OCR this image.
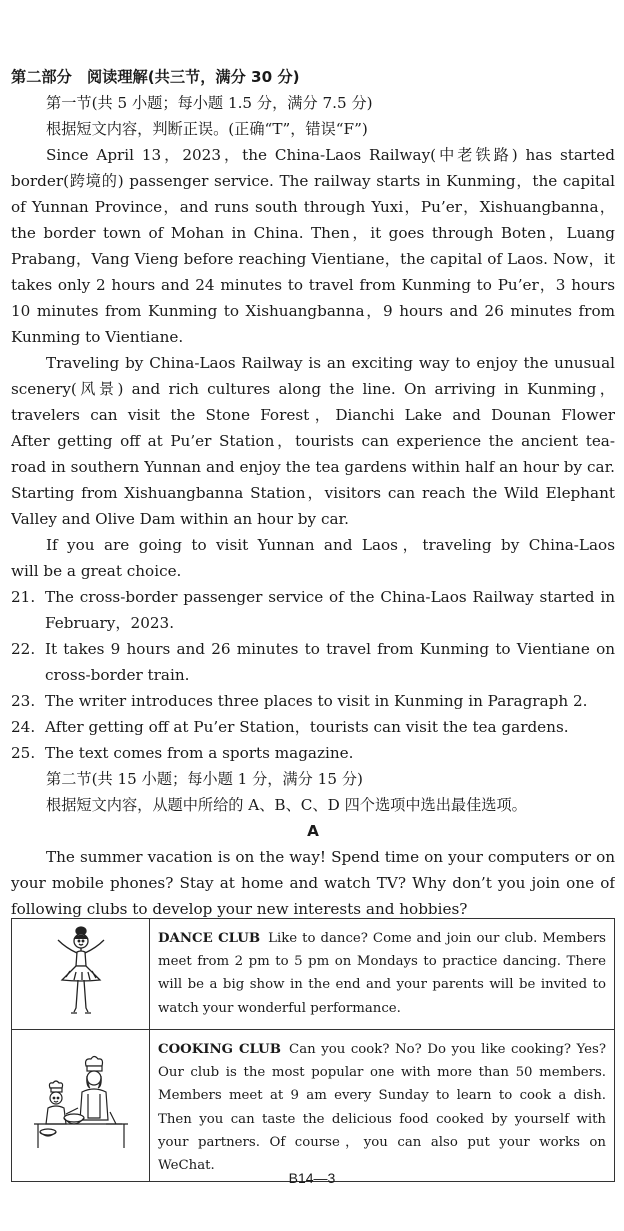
第二部分　阅读理解(共三节，满分 30 分)
第一节(共 5 小题；每小题 1.5 分，满分 7.5 分)
根据短文内容，判断正误。(正确“T”，错误“F”)
Since April 13，2023，the China-Laos Railway(中老铁路) has started
border(跨境的) passenger service. The railway starts in Kunming，the capital
of Yunnan Province，and runs south through Yuxi，Pu’er，Xishuangbanna，
the border town of Mohan in China. Then，it goes through Boten，Luang
Prabang，Vang Vieng before reaching Vientiane，the capital of Laos. Now，it
takes only 2 hours and 24 minutes to travel from Kunming to Pu’er，3 hours
10 minutes from Kunming to Xishuangbanna，9 hours and 26 minutes from
Kunming to Vientiane.
Traveling by China-Laos Railway is an exciting way to enjoy the unusual
scenery(风景) and rich cultures along the line. On arriving in Kunming，
travelers can visit the Stone Forest，Dianchi Lake and Dounan Flower
After getting off at Pu’er Station，tourists can experience the ancient tea-
road in southern Yunnan and enjoy the tea gardens within half an hour by car.
Starting from Xishuangbanna Station，visitors can reach the Wild Elephant
Valley and Olive Dam within an hour by car.
If you are going to visit Yunnan and Laos，traveling by China-Laos
will be a great choice.
21. The cross-border passenger service of the China-Laos Railway started in
February，2023.
22. It takes 9 hours and 26 minutes to travel from Kunming to Vientiane on
cross-border train.
23. The writer introduces three places to visit in Kunming in Paragraph 2.
24. After getting off at Pu’er Station，tourists can visit the tea gardens.
25. The text comes from a sports magazine.
第二节(共 15 小题；每小题 1 分，满分 15 分)
根据短文内容，从题中所给的 A、B、C、D 四个选项中选出最佳选项。
A
The summer vacation is on the way! Spend time on your computers or on
your mobile phones? Stay at home and watch TV? Why don’t you join one of
following clubs to develop your new interests and hobbies?
	DANCE CLUB Like to dance? Come and join our club. Members meet from 2 pm to 5 pm on Mondays to practice dancing. There will be a big show in the end and your parents will be invited to watch your wonderful performance.
	COOKING CLUB Can you cook? No? Do you like cooking? Yes? Our club is the most popular one with more than 50 members. Members meet at 9 am every Sunday to learn to cook a dish. Then you can taste the delicious food cooked by yourself with your partners. Of course，you can also put your works on WeChat.
B14—3
